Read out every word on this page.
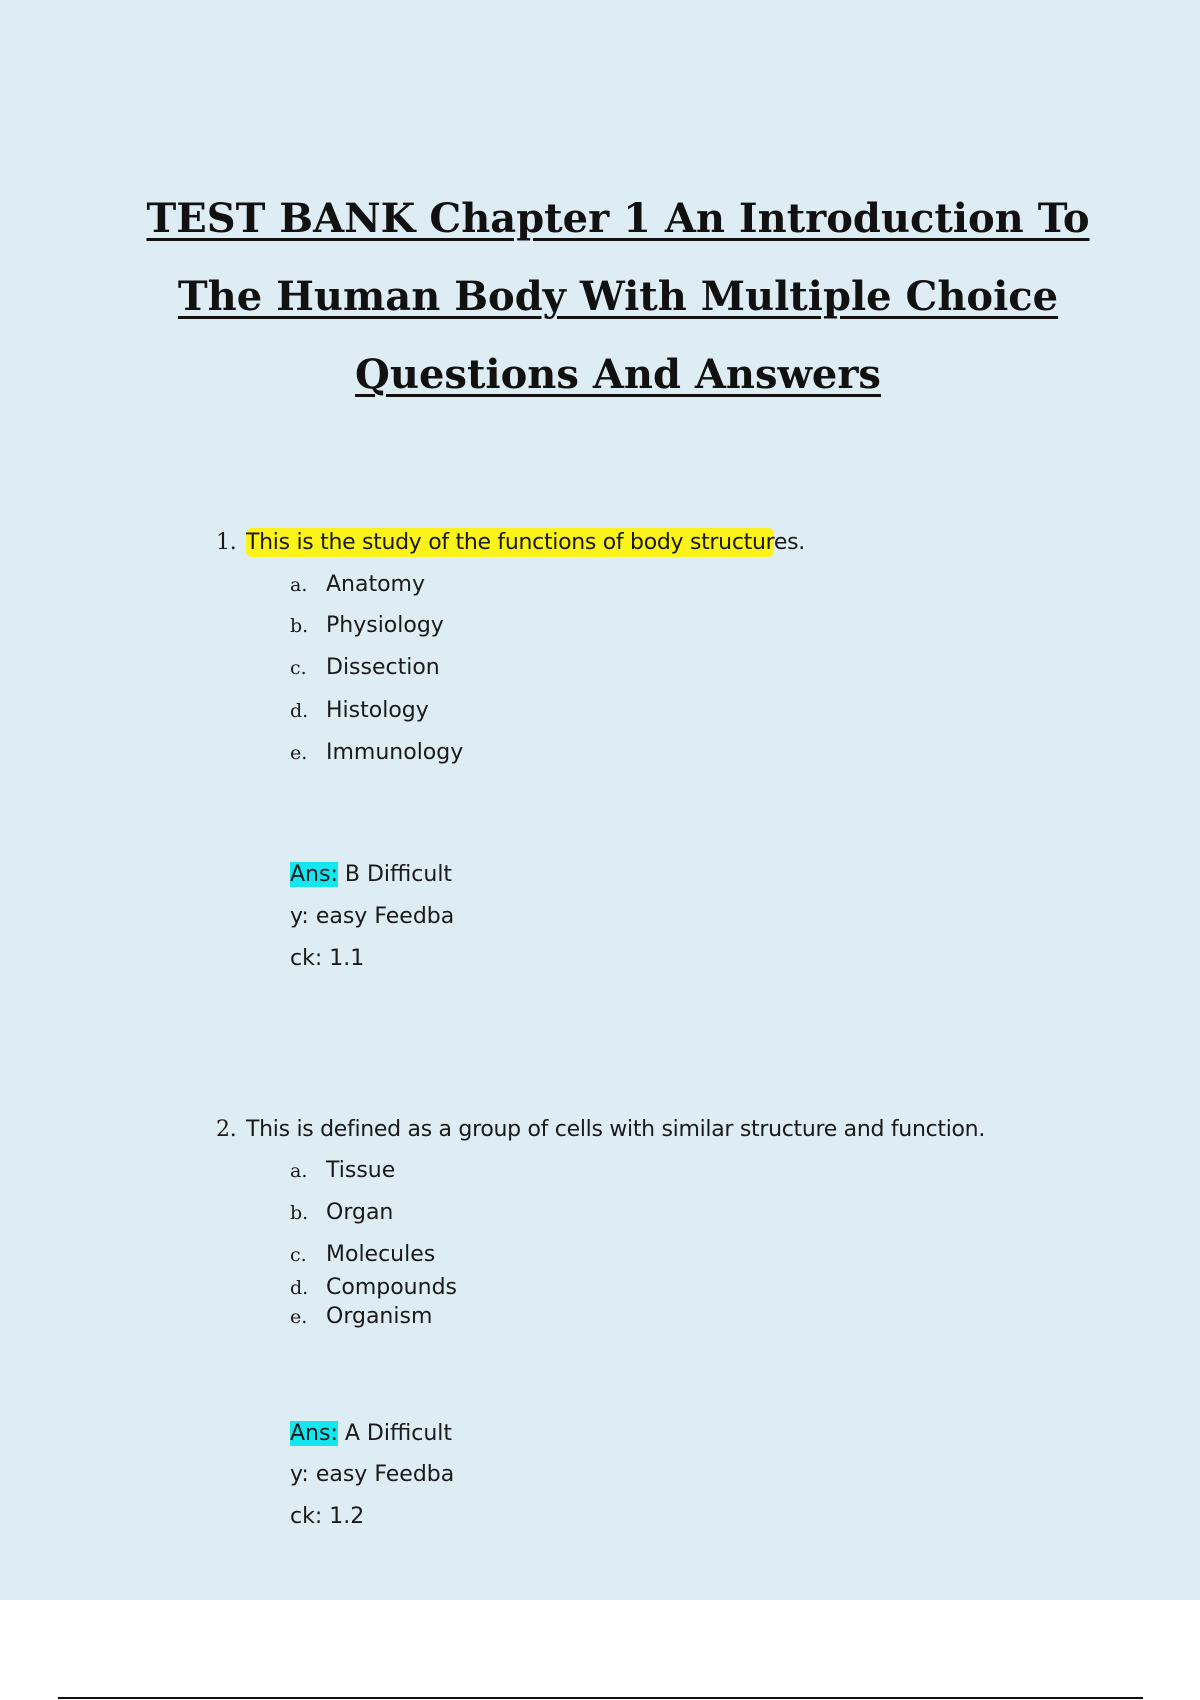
TEST BANK Chapter 1 An Introduction To
The Human Body With Multiple Choice
Questions And Answers
1. This is the study of the functions of body structures.
a. Anatomy
b. Physiology
c. Dissection
d. Histology
e. Immunology
Ans: B Difficult
y: easy Feedba
ck: 1.1
2. This is defined as a group of cells with similar structure and function.
a. Tissue
b. Organ
c. Molecules
d. Compounds
e. Organism
Ans: A Difficult
y: easy Feedba
ck: 1.2
